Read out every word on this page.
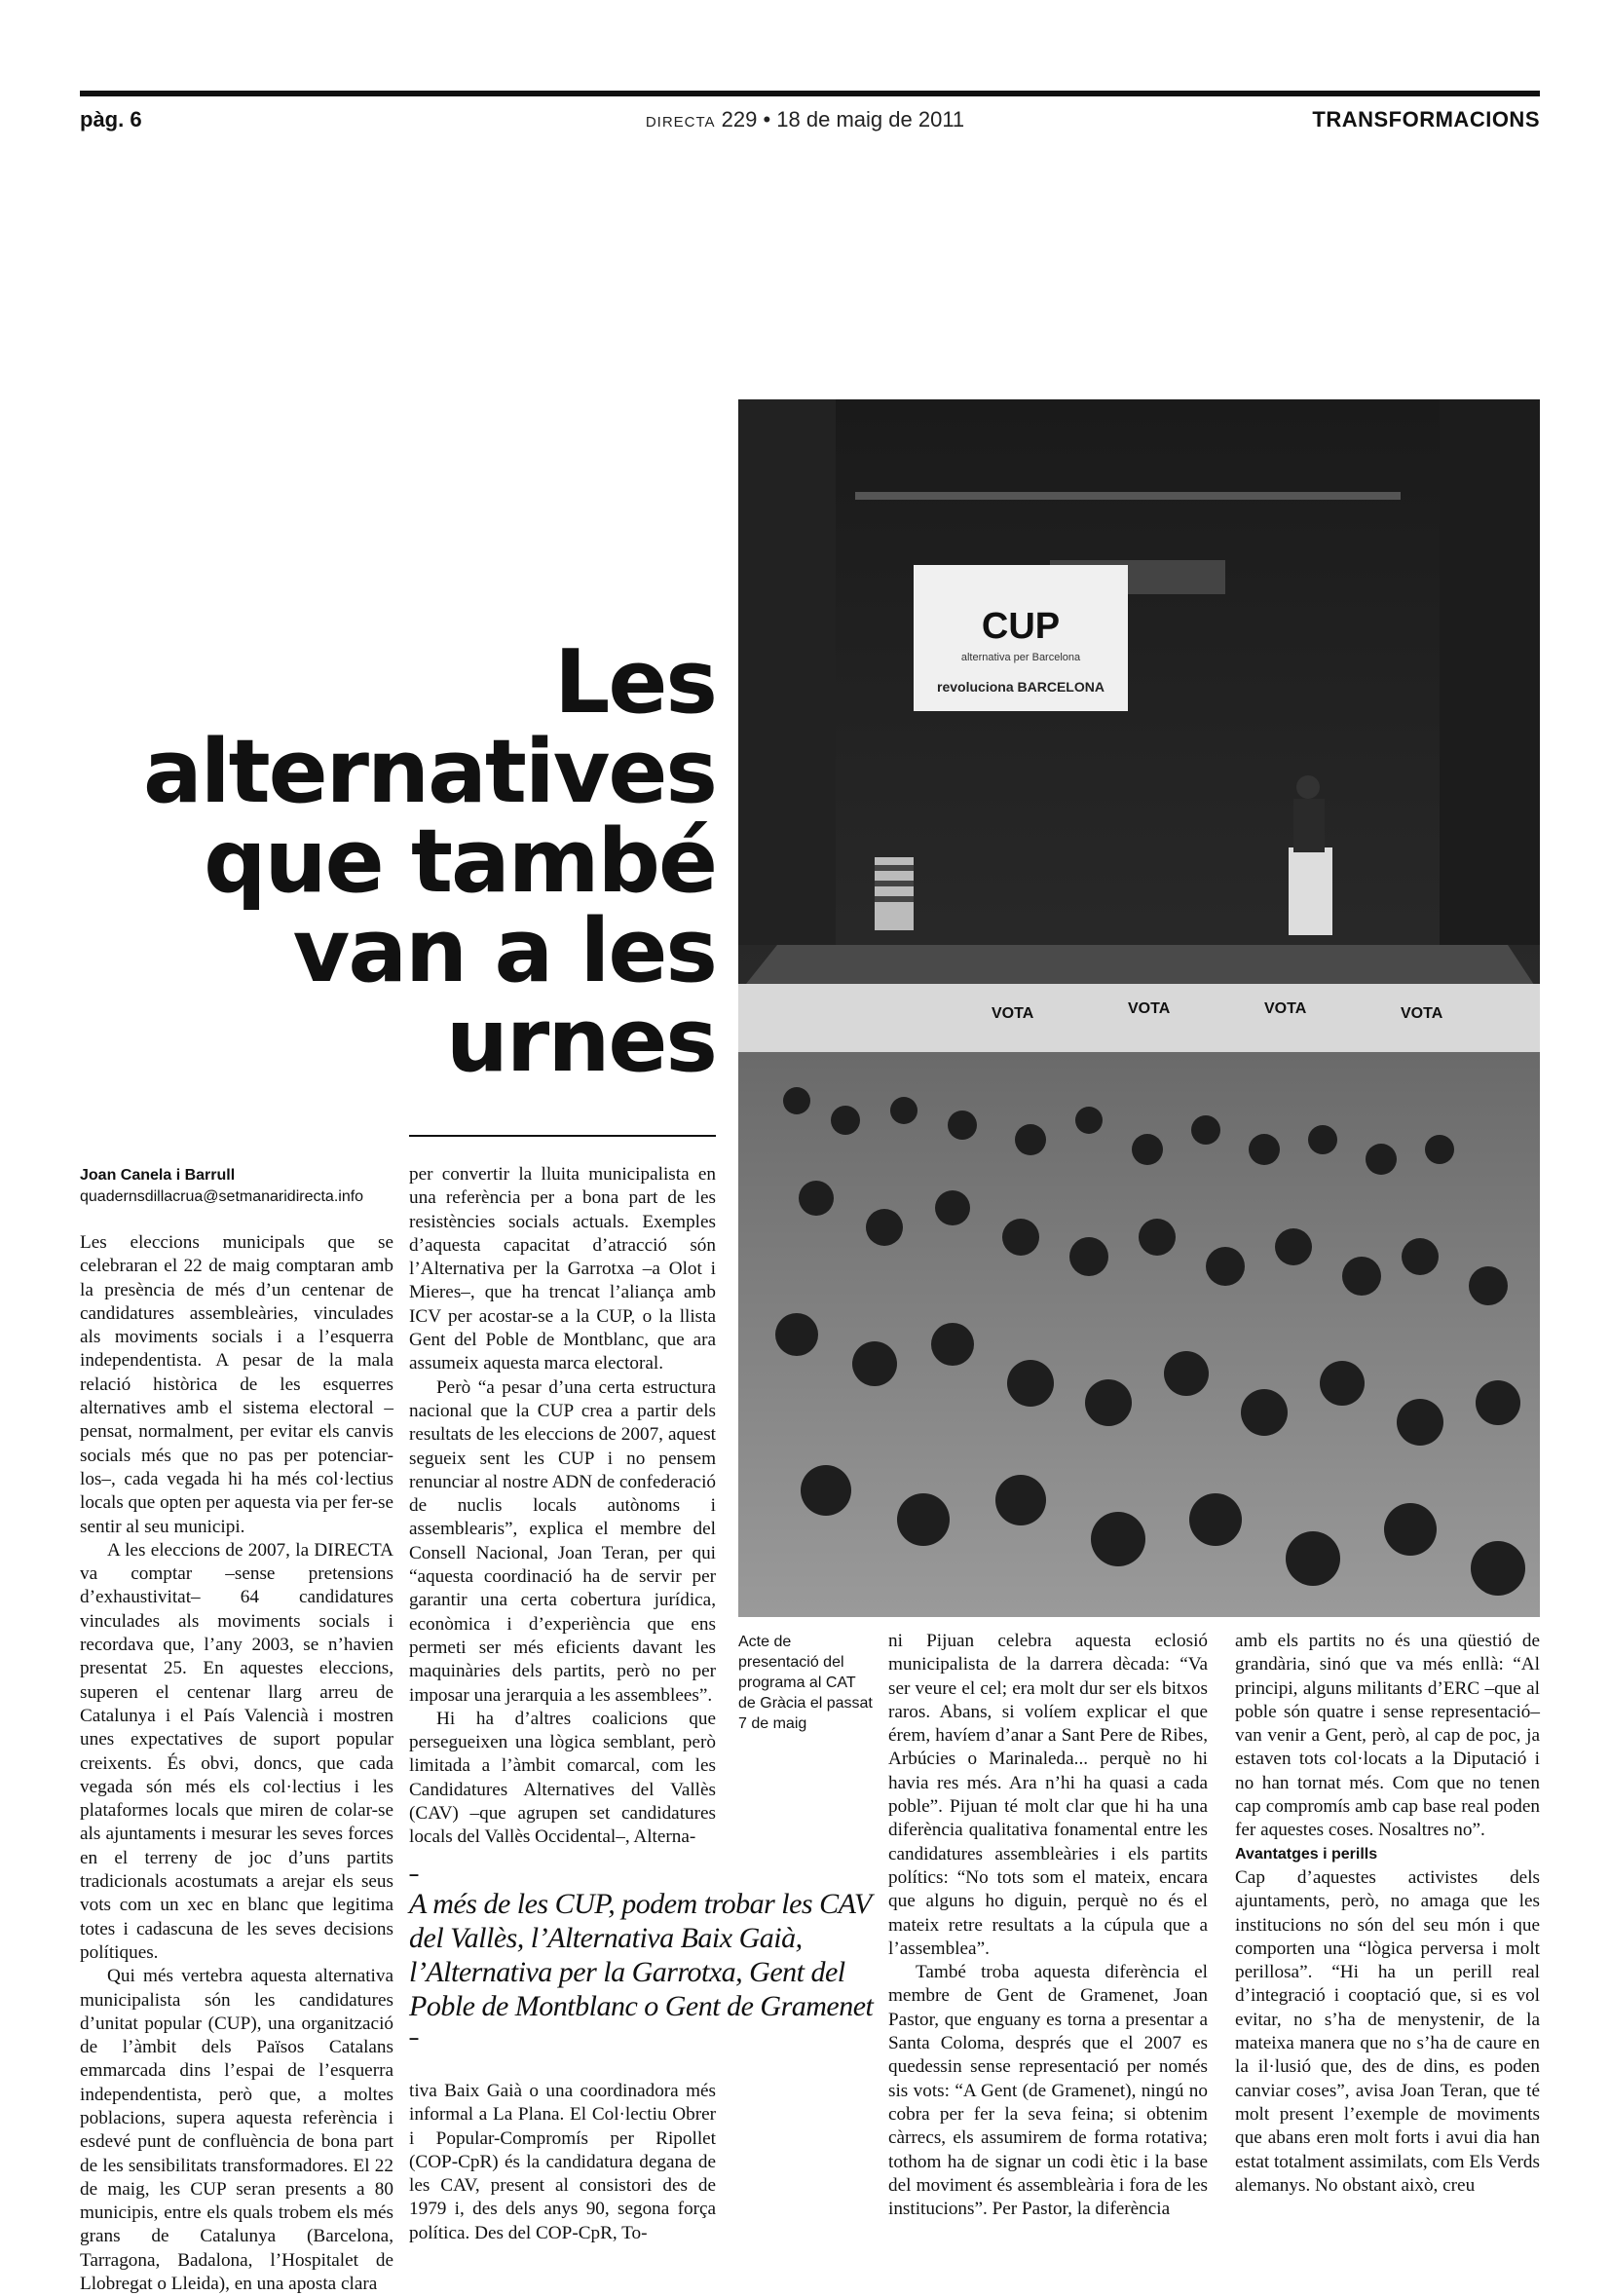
pàg. 6	DIRECTA 229 • 18 de maig de 2011	TRANSFORMACIONS
Les
alternatives
que també
van a les
urnes
Joan Canela i Barrull
quadernsdillacrua@setmanaridirecta.info

Les eleccions municipals que se celebraran el 22 de maig comptaran amb la presència de més d’un centenar de candidatures assembleàries, vinculades als moviments socials i a l’esquerra independentista. A pesar de la mala relació històrica de les esquerres alternatives amb el sistema electoral –pensat, normalment, per evitar els canvis socials més que no pas per potenciar-los–, cada vegada hi ha més col·lectius locals que opten per aquesta via per fer-se sentir al seu municipi.

A les eleccions de 2007, la DIRECTA va comptar –sense pretensions d’exhaustivitat– 64 candidatures vinculades als moviments socials i recordava que, l’any 2003, se n’havien presentat 25. En aquestes eleccions, superen el centenar llarg arreu de Catalunya i el País Valencià i mostren unes expectatives de suport popular creixents. És obvi, doncs, que cada vegada són més els col·lectius i les plataformes locals que miren de colar-se als ajuntaments i mesurar les seves forces en el terreny de joc d’uns partits tradicionals acostumats a arejar els seus vots com un xec en blanc que legitima totes i cadascuna de les seves decisions polítiques.

Qui més vertebra aquesta alternativa municipalista són les candidatures d’unitat popular (CUP), una organització de l’àmbit dels Països Catalans emmarcada dins l’espai de l’esquerra independentista, però que, a moltes poblacions, supera aquesta referència i esdevé punt de confluència de bona part de les sensibilitats transformadores. El 22 de maig, les CUP seran presents a 80 municipis, entre els quals trobem els més grans de Catalunya (Barcelona, Tarragona, Badalona, l’Hospitalet de Llobregat o Lleida), en una aposta clara

per convertir la lluita municipalista en una referència per a bona part de les resistències socials actuals. Exemples d’aquesta capacitat d’atracció són l’Alternativa per la Garrotxa –a Olot i Mieres–, que ha trencat l’aliança amb ICV per acostar-se a la CUP, o la llista Gent del Poble de Montblanc, que ara assumeix aquesta marca electoral.

Però “a pesar d’una certa estructura nacional que la CUP crea a partir dels resultats de les eleccions de 2007, aquest segueix sent les CUP i no pensem renunciar al nostre ADN de confederació de nuclis locals autònoms i assemblearis”, explica el membre del Consell Nacional, Joan Teran, per qui “aquesta coordinació ha de servir per garantir una certa cobertura jurídica, econòmica i d’experiència que ens permeti ser més eficients davant les maquinàries dels partits, però no per imposar una jerarquia a les assemblees”.

Hi ha d’altres coalicions que persegueixen una lògica semblant, però limitada a l’àmbit comarcal, com les Candidatures Alternatives del Vallès (CAV) –que agrupen set candidatures locals del Vallès Occidental–, Alterna-

–
A més de les CUP, podem trobar les CAV del Vallès, l’Alternativa Baix Gaià, l’Alternativa per la Garrotxa, Gent del Poble de Montblanc o Gent de Gramenet
–

tiva Baix Gaià o una coordinadora més informal a La Plana. El Col·lectiu Obrer i Popular-Compromís per Ripollet (COP-CpR) és la candidatura degana de les CAV, present al consistori des de 1979 i, des dels anys 90, segona força política. Des del COP-CpR, To-

CUP
alternativa per Barcelona
revoluciona BARCELONA
VOTA	VOTA	VOTA	VOTA
Acte de presentació del programa al CAT de Gràcia el passat 7 de maig

ni Pijuan celebra aquesta eclosió municipalista de la darrera dècada: “Va ser veure el cel; era molt dur ser els bitxos raros. Abans, si volíem explicar el que érem, havíem d’anar a Sant Pere de Ribes, Arbúcies o Marinaleda... perquè no hi havia res més. Ara n’hi ha quasi a cada poble”. Pijuan té molt clar que hi ha una diferència qualitativa fonamental entre les candidatures assembleàries i els partits polítics: “No tots som el mateix, encara que alguns ho diguin, perquè no és el mateix retre resultats a la cúpula que a l’assemblea”.

També troba aquesta diferència el membre de Gent de Gramenet, Joan Pastor, que enguany es torna a presentar a Santa Coloma, després que el 2007 es quedessin sense representació per només sis vots: “A Gent (de Gramenet), ningú no cobra per fer la seva feina; si obtenim càrrecs, els assumirem de forma rotativa; tothom ha de signar un codi ètic i la base del moviment és assembleària i fora de les institucions”. Per Pastor, la diferència

amb els partits no és una qüestió de grandària, sinó que va més enllà: “Al principi, alguns militants d’ERC –que al poble són quatre i sense representació– van venir a Gent, però, al cap de poc, ja estaven tots col·locats a la Diputació i no han tornat més. Com que no tenen cap compromís amb cap base real poden fer aquestes coses. Nosaltres no”.

Avantatges i perills

Cap d’aquestes activistes dels ajuntaments, però, no amaga que les institucions no són del seu món i que comporten una “lògica perversa i molt perillosa”. “Hi ha un perill real d’integració i cooptació que, si es vol evitar, no s’ha de menystenir, de la mateixa manera que no s’ha de caure en la il·lusió que, des de dins, es poden canviar coses”, avisa Joan Teran, que té molt present l’exemple de moviments que abans eren molt forts i avui dia han estat totalment assimilats, com Els Verds alemanys. No obstant això, creu
